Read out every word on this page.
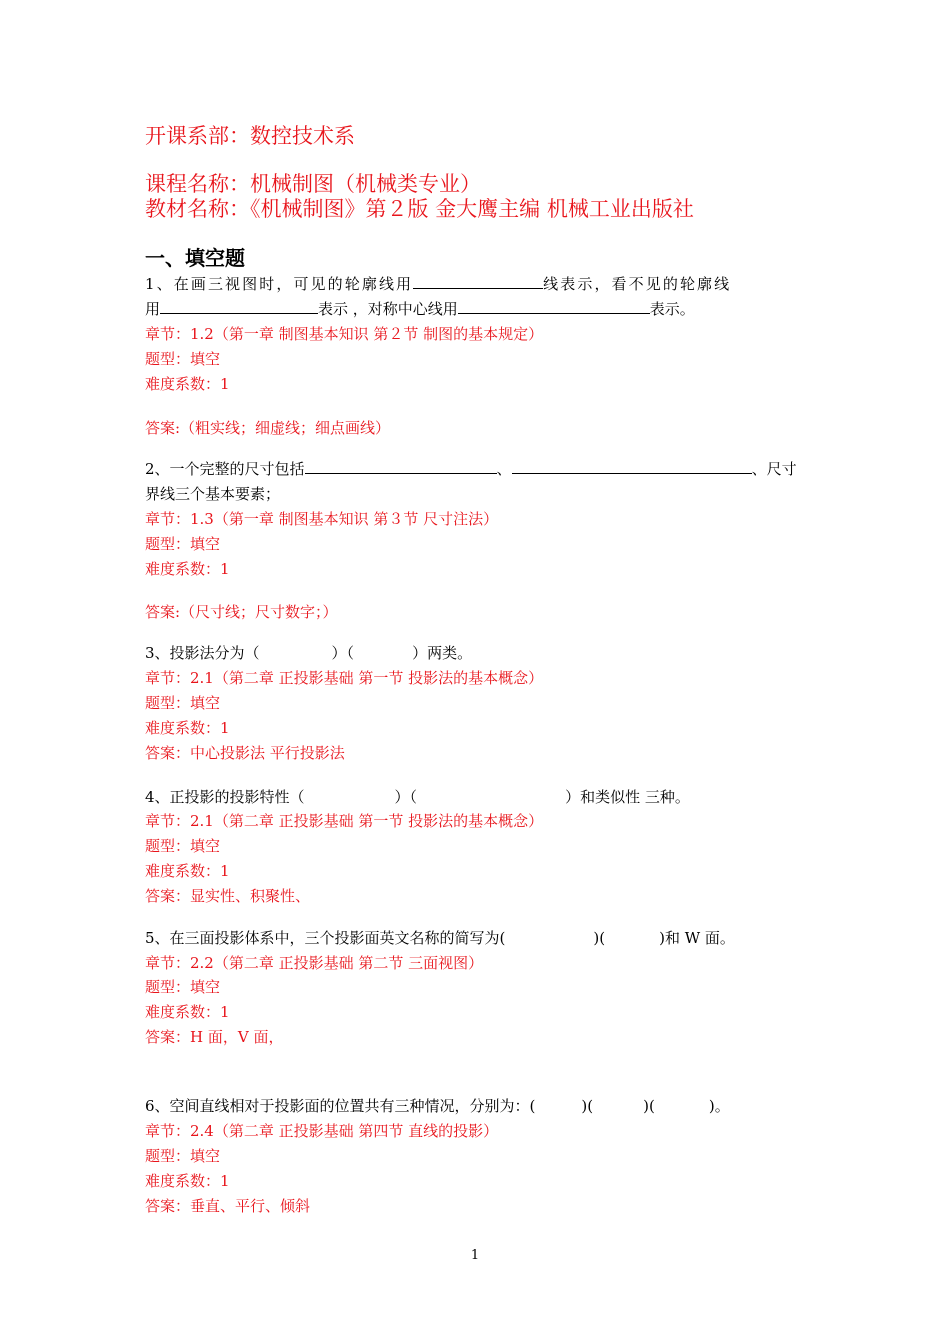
开课系部：数控技术系
课程名称：机械制图（机械类专业）
教材名称：《机械制图》第２版 金大鹰主编 机械工业出版社
一、填空题
1、在画三视图时，可见的轮廓线用	线表示，看不见的轮廓线
用	表示 ，对称中心线用	表示。
章节：1.2（第一章 制图基本知识 第２节 制图的基本规定）
题型：填空
难度系数：1
答案:（粗实线；细虚线；细点画线）
2、一个完整的尺寸包括	、	、尺寸
界线三个基本要素；
章节：1.3（第一章 制图基本知识 第３节 尺寸注法）
题型：填空
难度系数：1
答案:（尺寸线；尺寸数字；）
3、投影法分为（	）（	）两类。
章节：2.1（第二章 正投影基础 第一节 投影法的基本概念）
题型：填空
难度系数：1
答案：中心投影法 平行投影法
4、正投影的投影特性（	）（	）和类似性 三种。
章节：2.1（第二章 正投影基础 第一节 投影法的基本概念）
题型：填空
难度系数：1
答案：显实性、积聚性、
5、在三面投影体系中，三个投影面英文名称的简写为(	)(	)和 W 面。
章节：2.2（第二章 正投影基础 第二节 三面视图）
题型：填空
难度系数：1
答案：H 面，V 面，
6、空间直线相对于投影面的位置共有三种情况，分别为：(	)(	)(	)。
章节：2.4（第二章 正投影基础 第四节 直线的投影）
题型：填空
难度系数：1
答案：垂直、平行、倾斜
1
